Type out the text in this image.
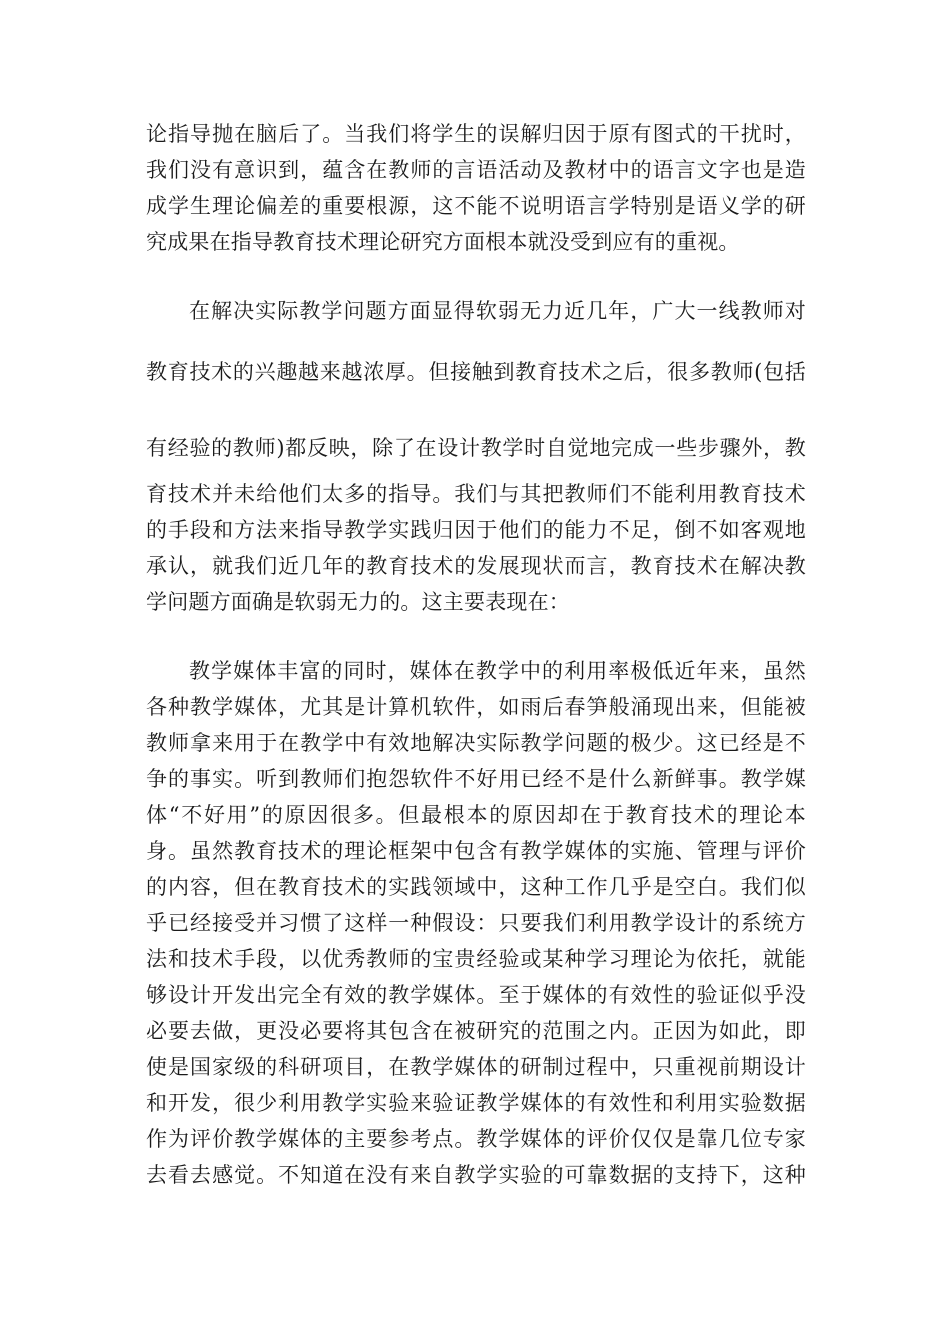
论指导抛在脑后了。当我们将学生的误解归因于原有图式的干扰时，
我们没有意识到，蕴含在教师的言语活动及教材中的语言文字也是造
成学生理论偏差的重要根源，这不能不说明语言学特别是语义学的研
究成果在指导教育技术理论研究方面根本就没受到应有的重视。
在解决实际教学问题方面显得软弱无力近几年，广大一线教师对
教育技术的兴趣越来越浓厚。但接触到教育技术之后，很多教师(包括
有经验的教师)都反映，除了在设计教学时自觉地完成一些步骤外，教
育技术并未给他们太多的指导。我们与其把教师们不能利用教育技术
的手段和方法来指导教学实践归因于他们的能力不足，倒不如客观地
承认，就我们近几年的教育技术的发展现状而言，教育技术在解决教
学问题方面确是软弱无力的。这主要表现在：
教学媒体丰富的同时，媒体在教学中的利用率极低近年来，虽然
各种教学媒体，尤其是计算机软件，如雨后春笋般涌现出来，但能被
教师拿来用于在教学中有效地解决实际教学问题的极少。这已经是不
争的事实。听到教师们抱怨软件不好用已经不是什么新鲜事。教学媒
体“不好用”的原因很多。但最根本的原因却在于教育技术的理论本
身。虽然教育技术的理论框架中包含有教学媒体的实施、管理与评价
的内容，但在教育技术的实践领域中，这种工作几乎是空白。我们似
乎已经接受并习惯了这样一种假设：只要我们利用教学设计的系统方
法和技术手段，以优秀教师的宝贵经验或某种学习理论为依托，就能
够设计开发出完全有效的教学媒体。至于媒体的有效性的验证似乎没
必要去做，更没必要将其包含在被研究的范围之内。正因为如此，即
使是国家级的科研项目，在教学媒体的研制过程中，只重视前期设计
和开发，很少利用教学实验来验证教学媒体的有效性和利用实验数据
作为评价教学媒体的主要参考点。教学媒体的评价仅仅是靠几位专家
去看去感觉。不知道在没有来自教学实验的可靠数据的支持下，这种
